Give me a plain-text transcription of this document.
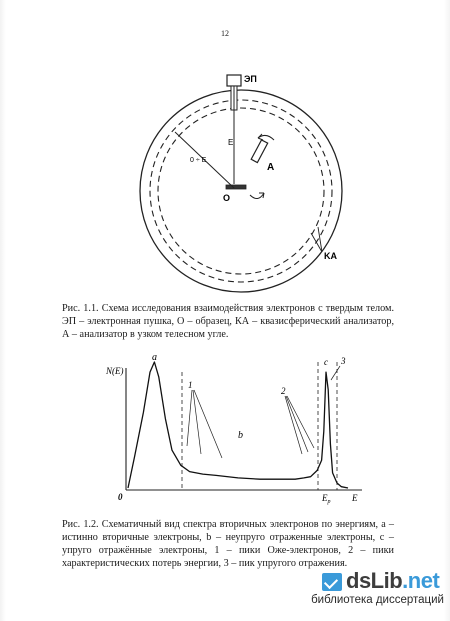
12
ЭП
E
0 ÷ E
A
O
KA
Рис. 1.1. Схема исследования взаимодействия электронов с твердым телом. ЭП – электронная пушка, О – образец, КА – квазисферический анализатор, А – анализатор в узком телесном угле.
N(E)
0	E
$E_p$
a
b
c 3
1
2
Рис. 1.2. Схематичный вид спектра вторичных электронов по энергиям, а – истинно вторичные электроны, b – неупруго отраженные электроны, с – упруго отражённые электроны, 1 – пики Оже-электронов, 2 – пики характеристических потерь энергии, 3 – пик упругого отражения.
dsLib.net
библиотека диссертаций
